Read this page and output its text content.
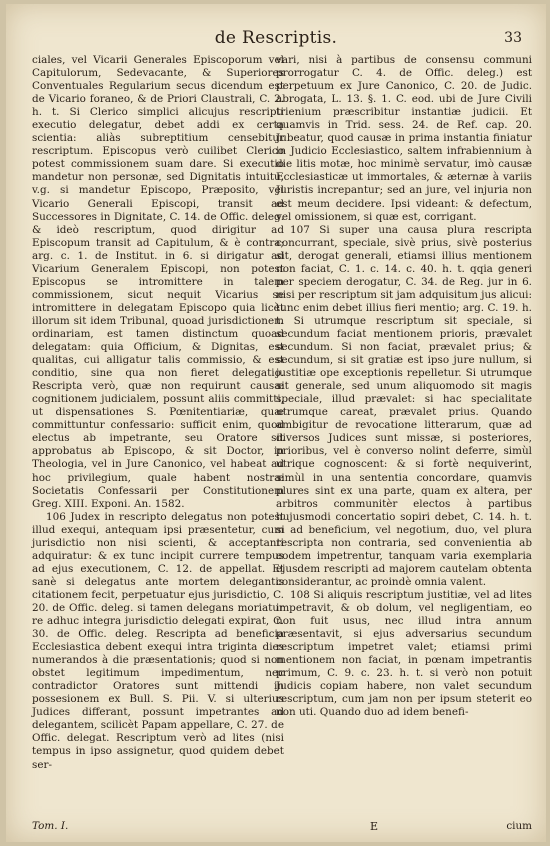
de Rescriptis.	33

ciales, vel Vicarii Generales Episcoporum vel Capitulorum, Sedevacante, & Superiores Conventuales Regularium secus dicendum est de Vicario foraneo, & de Priori Claustrali, C. 2. h. t. Si Clerico simplici alicujus rescripti executio delegatur, debet addi ex certa scientia: aliàs subreptitium censebitur rescriptum. Episcopus verò cuilibet Clerico potest commissionem suam dare. Si executio mandetur non personæ, sed Dignitatis intuitu, v.g. si mandetur Episcopo, Præposito, vel Vicario Generali Episcopi, transit ad Successores in Dignitate, C. 14. de Offic. deleg. & ideò rescriptum, quod dirigitur ad Episcopum transit ad Capitulum, & è contra; arg. c. 1. de Institut. in 6. si dirigatur ad Vicarium Generalem Episcopi, non potest Episcopus se intromittere in talem commissionem, sicut nequit Vicarius se intromittere in delegatam Episcopo quia licèt illorum sit idem Tribunal, quoad jurisdictionem ordinariam, est tamen distinctum quoad delegatam: quia Officium, & Dignitas, est qualitas, cui alligatur talis commissio, & est conditio, sine qua non fieret delegatio. Rescripta verò, quæ non requirunt causæ cognitionem judicialem, possunt aliis committi, ut dispensationes S. Pœnitentiariæ, quæ committuntur confessario: sufficit enim, quod electus ab impetrante, seu Oratore sit approbatus ab Episcopo, & sit Doctor, in Theologia, vel in Jure Canonico, vel habeat ad hoc privilegium, quale habent nostræ Societatis Confessarii per Constitutionem Greg. XIII. Exponi. An. 1582.

106 Judex in rescripto delegatus non potest illud exequi, antequam ipsi præsentetur, cum jurisdictio non nisi scienti, & acceptanti adquiratur: & ex tunc incipit currere tempus ad ejus executionem, C. 12. de appellat. Et sanè si delegatus ante mortem delegantis citationem fecit, perpetuatur ejus jurisdictio, C. 20. de Offic. deleg. si tamen delegans moriatur re adhuc integra jurisdictio delegati expirat, C. 30. de Offic. deleg. Rescripta ad beneficia Ecclesiastica debent exequi intra triginta dies numerandos à die præsentationis; quod si non obstet legitimum impedimentum, nec contradictor Oratores sunt mittendi in possesionem ex Bull. S. Pii. V. si ulterius Judices differant, possunt impetrantes ad delegantem, scilicèt Papam appellare, C. 27. de Offic. delegat. Rescriptum verò ad lites (nisi tempus in ipso assignetur, quod quidem debet ser-

vari, nisi à partibus de consensu communi prorrogatur C. 4. de Offic. deleg.) est perpetuum ex Jure Canonico, C. 20. de Judic. abrogata, L. 13. §. 1. C. eod. ubi de Jure Civili trienium præscribitur instantiæ judicii. Et quamvis in Trid. sess. 24. de Ref. cap. 20. Jubeatur, quod causæ in prima instantia finiatur in Judicio Ecclesiastico, saltem infrabiennium à die litis motæ, hoc minimè servatur, imò causæ Ecclesiasticæ ut immortales, & æternæ à variis Juristis increpantur; sed an jure, vel injuria non est meum decidere. Ipsi videant: & defectum, vel omissionem, si quæ est, corrigant.

107 Si super una causa plura rescripta concurrant, speciale, sivè prius, sivè posterius sit, derogat generali, etiamsi illius mentionem non faciat, C. 1. c. 14. c. 40. h. t. qqia generi per speciem derogatur, C. 34. de Reg. jur in 6. nisi per rescriptum sit jam adquisitum jus alicui: tunc enim debet illius fieri mentio; arg. C. 19. h. t. Si utrumque rescriptum sit speciale, si secundum faciat mentionem prioris, prævalet secundum. Si non faciat, prævalet prius; & secundum, si sit gratiæ est ipso jure nullum, si justitiæ ope exceptionis repelletur. Si utrumque sit generale, sed unum aliquomodo sit magis speciale, illud prævalet: si hac specialitate utrumque careat, prævalet prius. Quando ambigitur de revocatione litterarum, quæ ad diversos Judices sunt missæ, si posteriores, prioribus, vel è converso nolint deferre, simùl utrique cognoscent: & si fortè nequiverint, simùl in una sententia concordare, quamvis plures sint ex una parte, quam ex altera, per arbitros communitèr electos à partibus hujusmodi concertatio sopiri debet, C. 14. h. t. si ad beneficium, vel negotium, duo, vel plura rescripta non contraria, sed convenientia ab eodem impetrentur, tanquam varia exemplaria ejusdem rescripti ad majorem cautelam obtenta considerantur, ac proindè omnia valent.

108 Si aliquis rescriptum justitiæ, vel ad lites impetravit, & ob dolum, vel negligentiam, eo non fuit usus, nec illud intra annum præsentavit, si ejus adversarius secundum rescriptum impetret valet; etiamsi primi mentionem non faciat, in pœnam impetrantis primum, C. 9. c. 23. h. t. si verò non potuit Judicis copiam habere, non valet secundum rescriptum, cum jam non per ipsum steterit eo non uti. Quando duo ad idem benefi-

Tom. I.	E	cium
